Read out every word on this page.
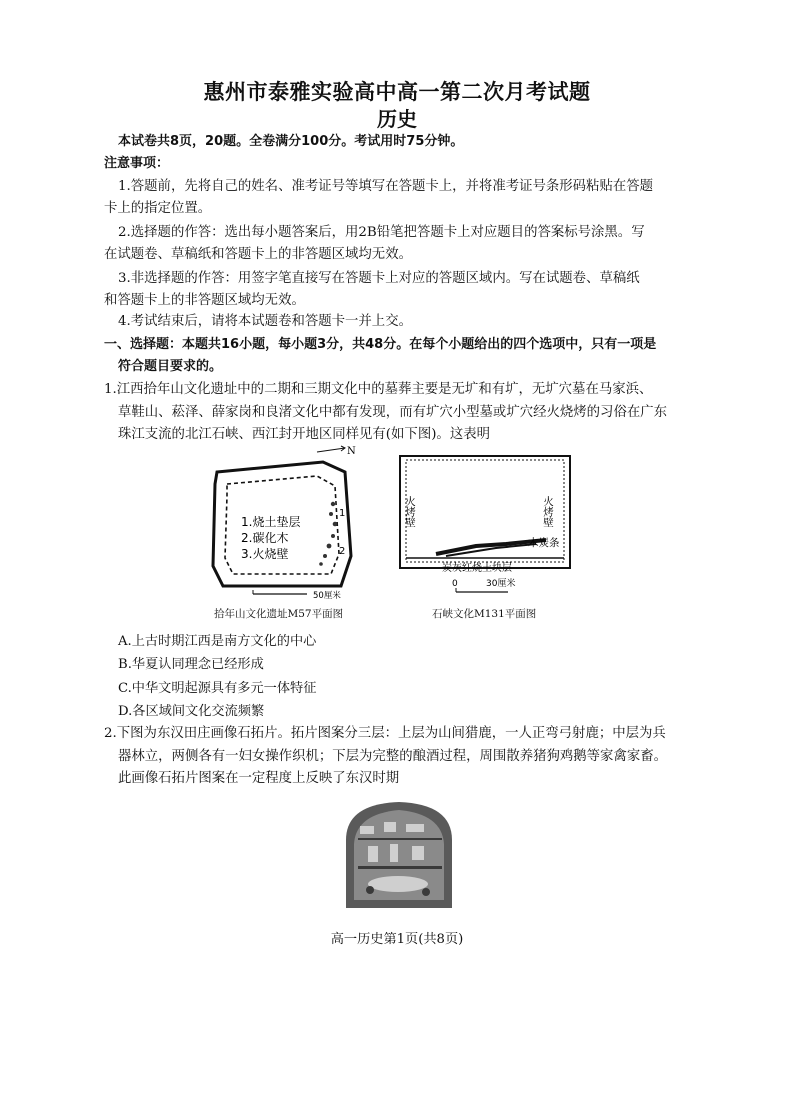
惠州市泰雅实验高中高一第二次月考试题
历史
本试卷共8页，20题。全卷满分100分。考试用时75分钟。
注意事项：
1.答题前，先将自己的姓名、准考证号等填写在答题卡上，并将准考证号条形码粘贴在答题
卡上的指定位置。
2.选择题的作答：选出每小题答案后，用2B铅笔把答题卡上对应题目的答案标号涂黑。写
在试题卷、草稿纸和答题卡上的非答题区域均无效。
3.非选择题的作答：用签字笔直接写在答题卡上对应的答题区域内。写在试题卷、草稿纸
和答题卡上的非答题区域均无效。
4.考试结束后，请将本试题卷和答题卡一并上交。
一、选择题：本题共16小题，每小题3分，共48分。在每个小题给出的四个选项中，只有一项是
符合题目要求的。
1.江西拾年山文化遗址中的二期和三期文化中的墓葬主要是无圹和有圹，无圹穴墓在马家浜、
草鞋山、菘泽、薛家岗和良渚文化中都有发现，而有圹穴小型墓或圹穴经火烧烤的习俗在广东
珠江支流的北江石峡、西江封开地区同样见有(如下图)。这表明
N
1
2
1.烧土垫层
2.碳化木
3.火烧壁
50厘米
拾年山文化遗址M57平面图
火烤壁	火烤壁
木炭条
炭灰红烧土块层
0	30厘米
石峡文化M131平面图
A.上古时期江西是南方文化的中心
B.华夏认同理念已经形成
C.中华文明起源具有多元一体特征
D.各区域间文化交流频繁
2.下图为东汉田庄画像石拓片。拓片图案分三层：上层为山间猎鹿，一人正弯弓射鹿；中层为兵
器林立，两侧各有一妇女操作织机；下层为完整的酿酒过程，周围散养猪狗鸡鹅等家禽家畜。
此画像石拓片图案在一定程度上反映了东汉时期
高一历史第1页(共8页)
